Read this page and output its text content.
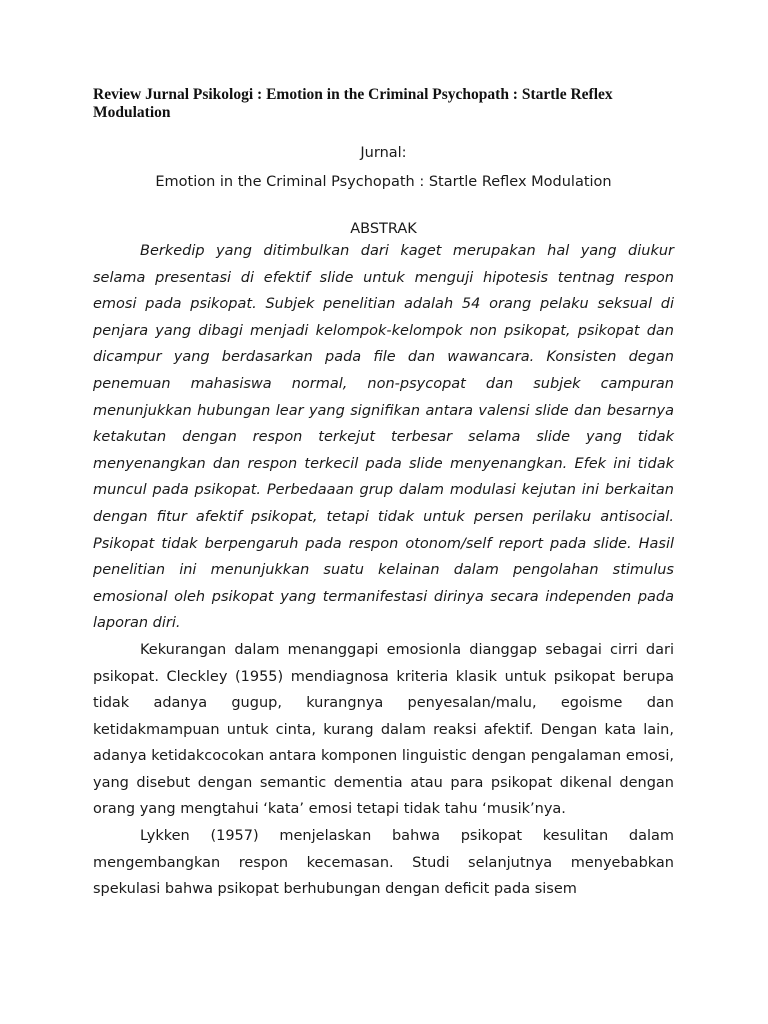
Review Jurnal Psikologi : Emotion in the Criminal Psychopath : Startle Reflex Modulation

Jurnal:

Emotion in the Criminal Psychopath : Startle Reflex Modulation

ABSTRAK

Berkedip yang ditimbulkan dari kaget merupakan hal yang diukur selama presentasi di efektif slide untuk menguji hipotesis tentnag respon emosi pada psikopat. Subjek penelitian adalah 54 orang pelaku seksual di penjara yang dibagi menjadi kelompok-kelompok non psikopat, psikopat dan dicampur yang berdasarkan pada file dan wawancara. Konsisten degan penemuan mahasiswa normal, non-psycopat dan subjek campuran menunjukkan hubungan lear yang signifikan antara valensi slide dan besarnya ketakutan dengan respon terkejut terbesar selama slide yang tidak menyenangkan dan respon terkecil pada slide menyenangkan. Efek ini tidak muncul pada psikopat. Perbedaaan grup dalam modulasi kejutan ini berkaitan dengan fitur afektif psikopat, tetapi tidak untuk persen perilaku antisocial. Psikopat tidak berpengaruh pada respon otonom/self report pada slide. Hasil penelitian ini menunjukkan suatu kelainan dalam pengolahan stimulus emosional oleh psikopat yang termanifestasi dirinya secara independen pada laporan diri.

Kekurangan dalam menanggapi emosionla dianggap sebagai cirri dari psikopat. Cleckley (1955) mendiagnosa kriteria klasik untuk psikopat berupa tidak adanya gugup, kurangnya penyesalan/malu, egoisme dan ketidakmampuan untuk cinta, kurang dalam reaksi afektif. Dengan kata lain, adanya ketidakcocokan antara komponen linguistic dengan pengalaman emosi, yang disebut dengan semantic dementia atau para psikopat dikenal dengan orang yang mengtahui ‘kata’ emosi tetapi tidak tahu ‘musik’nya.

Lykken (1957) menjelaskan bahwa psikopat kesulitan dalam mengembangkan respon kecemasan. Studi selanjutnya menyebabkan spekulasi bahwa psikopat berhubungan dengan deficit pada sisem
